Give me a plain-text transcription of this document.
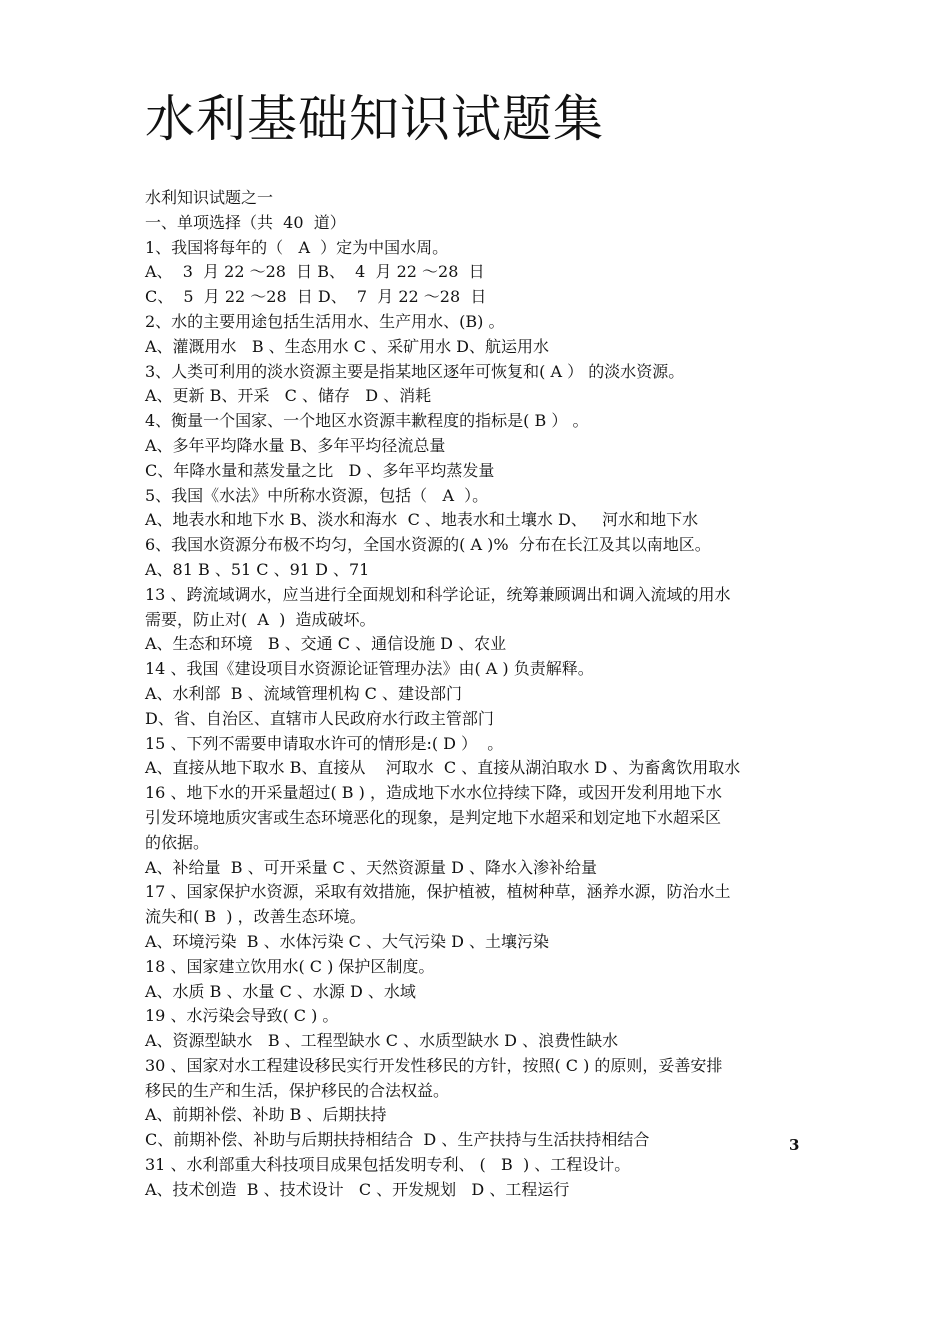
水利基础知识试题集
水利知识试题之一
一、单项选择（共  40  道）
1、我国将每年的（   A  ）定为中国水周。
A、  3  月 22 ～28  日 B、  4  月 22 ～28  日
C、  5  月 22 ～28  日 D、  7  月 22 ～28  日
2、水的主要用途包括生活用水、生产用水、(B) 。
A、灌溉用水   B 、生态用水 C 、采矿用水 D、航运用水
3、人类可利用的淡水资源主要是指某地区逐年可恢复和( A ） 的淡水资源。
A、更新 B、开采   C 、储存   D 、消耗
4、衡量一个国家、一个地区水资源丰歉程度的指标是( B ） 。
A、多年平均降水量 B、多年平均径流总量
C、年降水量和蒸发量之比   D 、多年平均蒸发量
5、我国《水法》中所称水资源，包括（   A  ）。
A、地表水和地下水 B、淡水和海水  C 、地表水和土壤水 D、   河水和地下水
6、我国水资源分布极不均匀，全国水资源的( A )%  分布在长江及其以南地区。
A、81 B 、51 C 、91 D 、71
13 、跨流域调水，应当进行全面规划和科学论证，统筹兼顾调出和调入流域的用水
需要，防止对(  A  )  造成破坏。
A、生态和环境   B 、交通 C 、通信设施 D 、农业
14 、我国《建设项目水资源论证管理办法》由( A ) 负责解释。
A、水利部  B 、流域管理机构 C 、建设部门
D、省、自治区、直辖市人民政府水行政主管部门
15 、下列不需要申请取水许可的情形是:( D ）  。
A、直接从地下取水 B、直接从    河取水  C 、直接从湖泊取水 D 、为畜禽饮用取水
16 、地下水的开采量超过( B ) ，造成地下水水位持续下降，或因开发利用地下水
引发环境地质灾害或生态环境恶化的现象，是判定地下水超采和划定地下水超采区
的依据。
A、补给量  B 、可开采量 C 、天然资源量 D 、降水入渗补给量
17 、国家保护水资源，采取有效措施，保护植被，植树种草，涵养水源，防治水土
流失和( B  ) ，改善生态环境。
A、环境污染  B 、水体污染 C 、大气污染 D 、土壤污染
18 、国家建立饮用水( C ) 保护区制度。
A、水质 B 、水量 C 、水源 D 、水域
19 、水污染会导致( C ) 。
A、资源型缺水   B 、工程型缺水 C 、水质型缺水 D 、浪费性缺水
30 、国家对水工程建设移民实行开发性移民的方针，按照( C ) 的原则，妥善安排
移民的生产和生活，保护移民的合法权益。
A、前期补偿、补助 B 、后期扶持
C、前期补偿、补助与后期扶持相结合  D 、生产扶持与生活扶持相结合
31 、水利部重大科技项目成果包括发明专利、 (   B  ) 、工程设计。
A、技术创造  B 、技术设计   C 、开发规划   D 、工程运行
3
